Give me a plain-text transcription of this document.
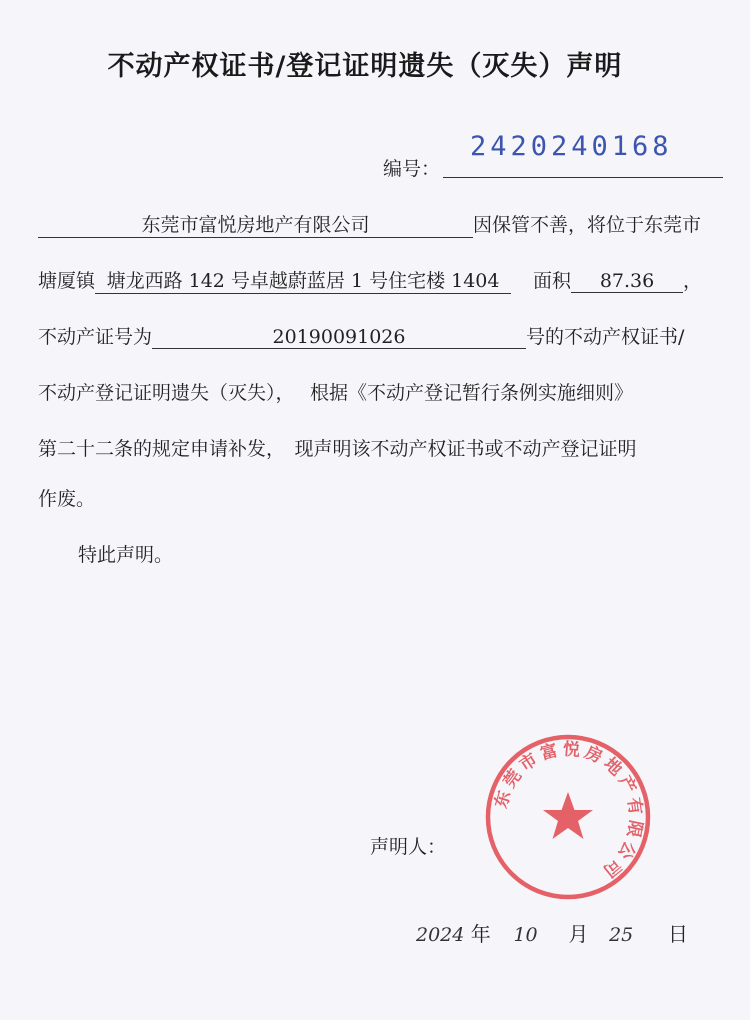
不动产权证书/登记证明遗失（灭失）声明
2420240168
编号：
东莞市富悦房地产有限公司	因保管不善，将位于东莞市
塘厦镇 塘龙西路 142 号卓越蔚蓝居 1 号住宅楼 1404 面积 87.36 ，
不动产证号为	20190091026	号的不动产权证书/
不动产登记证明遗失（灭失），　 根据《不动产登记暂行条例实施细则》
第二十二条的规定申请补发，　现声明该不动产权证书或不动产登记证明
作废。
特此声明。
东莞市富悦房地产有限公司
声明人：
2024 年 10 月 25 日
